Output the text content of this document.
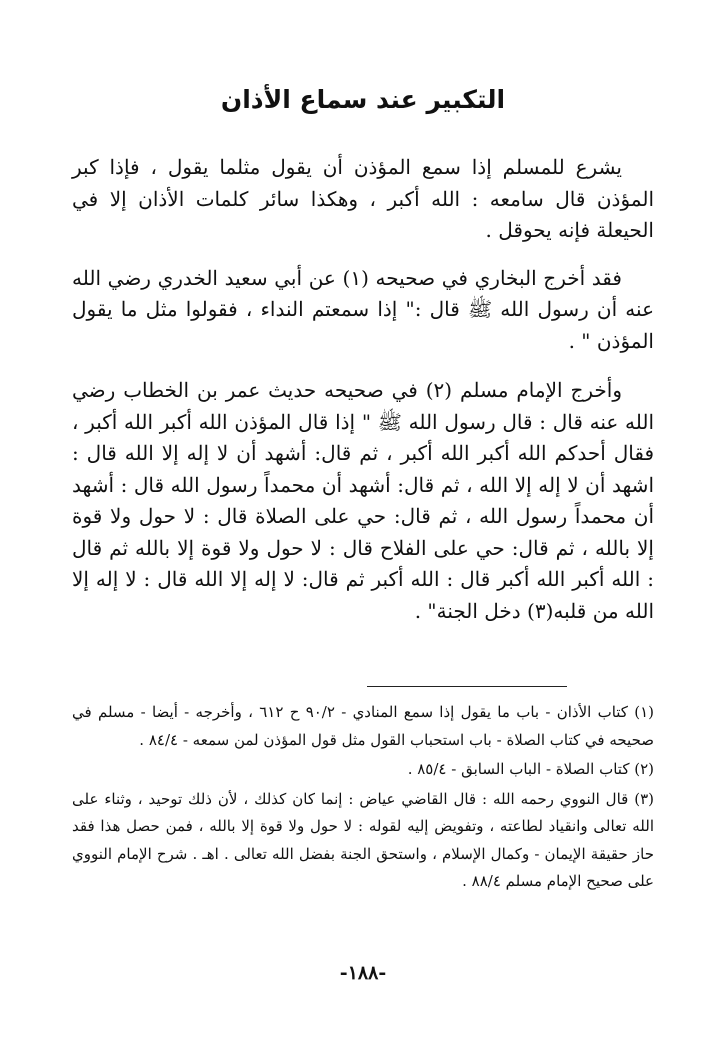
التكبير عند سماع الأذان

يشرع للمسلم إذا سمع المؤذن أن يقول مثلما يقول ، فإذا كبر المؤذن قال سامعه : الله أكبر ، وهكذا سائر كلمات الأذان إلا في الحيعلة فإنه يحوقل .

فقد أخرج البخاري في صحيحه (١) عن أبي سعيد الخدري رضي الله عنه أن رسول الله ﷺ قال :" إذا سمعتم النداء ، فقولوا مثل ما يقول المؤذن " .

وأخرج الإمام مسلم (٢) في صحيحه حديث عمر بن الخطاب رضي الله عنه قال : قال رسول الله ﷺ " إذا قال المؤذن الله أكبر الله أكبر ، فقال أحدكم الله أكبر الله أكبر ، ثم قال: أشهد أن لا إله إلا الله قال : اشهد أن لا إله إلا الله ، ثم قال: أشهد أن محمداً رسول الله قال : أشهد أن محمداً رسول الله ، ثم قال: حي على الصلاة قال : لا حول ولا قوة إلا بالله ، ثم قال: حي على الفلاح قال : لا حول ولا قوة إلا بالله ثم قال : الله أكبر الله أكبر قال : الله أكبر ثم قال: لا إله إلا الله قال : لا إله إلا الله من قلبه(٣) دخل الجنة" .

(١) كتاب الأذان - باب ما يقول إذا سمع المنادي - ٩٠/٢ ح ٦١٢ ، وأخرجه - أيضا - مسلم في صحيحه في كتاب الصلاة - باب استحباب القول مثل قول المؤذن لمن سمعه - ٨٤/٤ .

(٢) كتاب الصلاة - الباب السابق - ٨٥/٤ .

(٣) قال النووي رحمه الله : قال القاضي عياض : إنما كان كذلك ، لأن ذلك توحيد ، وثناء على الله تعالى وانقياد لطاعته ، وتفويض إليه لقوله : لا حول ولا قوة إلا بالله ، فمن حصل هذا فقد حاز حقيقة الإيمان - وكمال الإسلام ، واستحق الجنة بفضل الله تعالى . اهـ . شرح الإمام النووي على صحيح الإمام مسلم ٨٨/٤ .

-١٨٨-
